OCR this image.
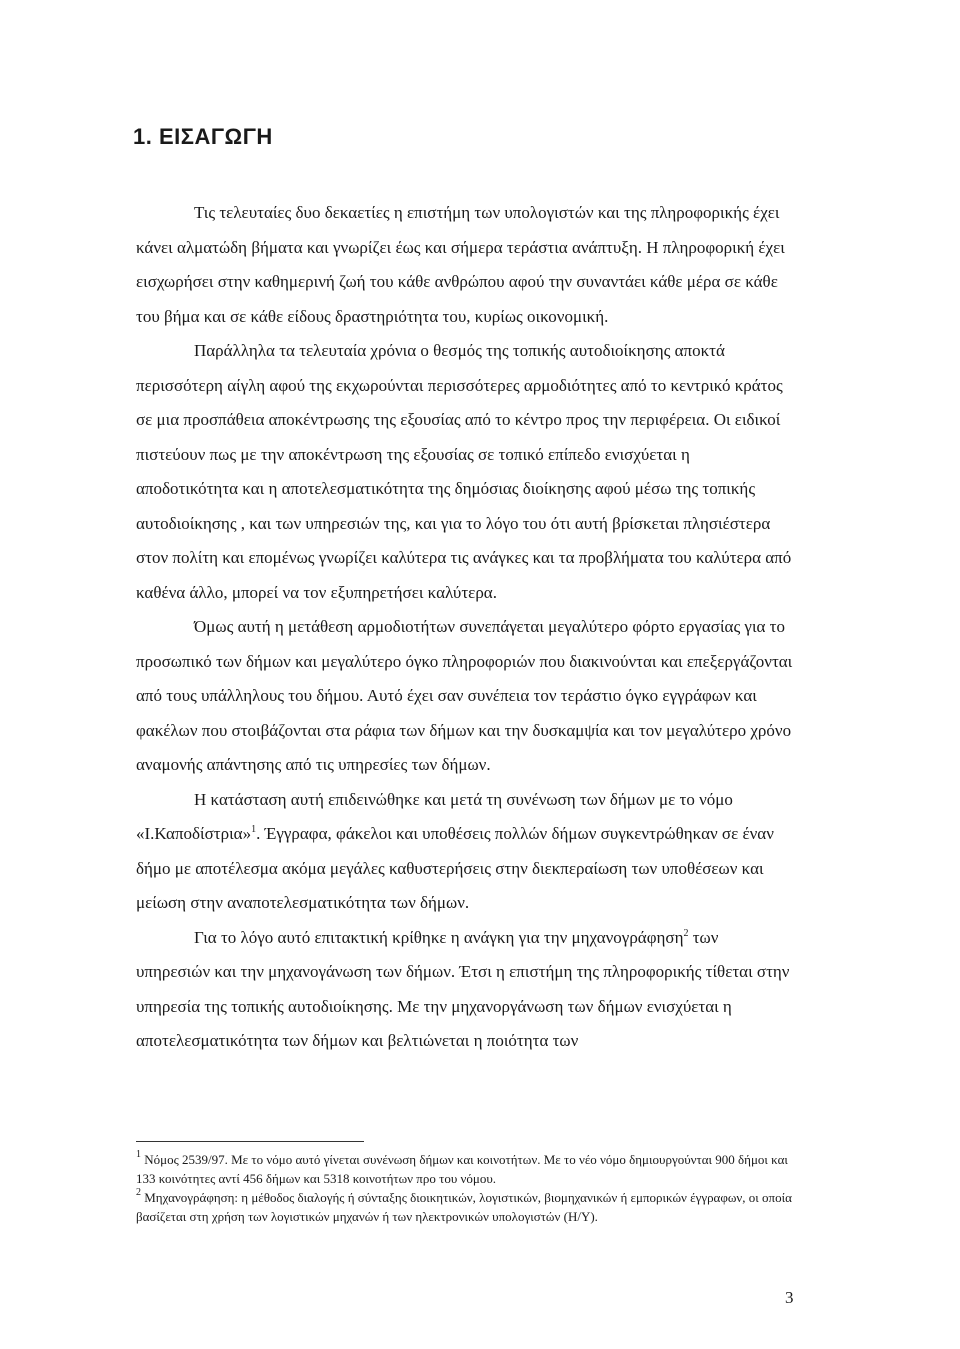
1. ΕΙΣΑΓΩΓΗ

Τις τελευταίες δυο δεκαετίες η επιστήμη των υπολογιστών και της πληροφορικής έχει κάνει αλματώδη βήματα και γνωρίζει έως και σήμερα τεράστια ανάπτυξη. Η πληροφορική έχει εισχωρήσει στην καθημερινή ζωή του κάθε ανθρώπου αφού την συναντάει κάθε μέρα σε κάθε του βήμα και σε κάθε είδους δραστηριότητα του, κυρίως οικονομική.

Παράλληλα τα τελευταία χρόνια ο θεσμός της τοπικής αυτοδιοίκησης αποκτά περισσότερη αίγλη αφού της εκχωρούνται περισσότερες αρμοδιότητες από το κεντρικό κράτος σε μια προσπάθεια αποκέντρωσης της εξουσίας από το κέντρο προς την περιφέρεια. Οι ειδικοί πιστεύουν πως με την αποκέντρωση της εξουσίας σε τοπικό επίπεδο ενισχύεται η αποδοτικότητα και η αποτελεσματικότητα της δημόσιας διοίκησης αφού μέσω της τοπικής αυτοδιοίκησης , και των υπηρεσιών της, και για το λόγο του ότι αυτή βρίσκεται πλησιέστερα στον πολίτη και επομένως γνωρίζει καλύτερα τις ανάγκες και τα προβλήματα του καλύτερα από καθένα άλλο, μπορεί να τον εξυπηρετήσει καλύτερα.

Όμως αυτή η μετάθεση αρμοδιοτήτων συνεπάγεται μεγαλύτερο φόρτο εργασίας για το προσωπικό των δήμων και μεγαλύτερο όγκο πληροφοριών που διακινούνται και επεξεργάζονται από τους υπάλληλους του δήμου. Αυτό έχει σαν συνέπεια τον τεράστιο όγκο εγγράφων και φακέλων που στοιβάζονται στα ράφια των δήμων και την δυσκαμψία και τον μεγαλύτερο χρόνο αναμονής απάντησης από τις υπηρεσίες των δήμων.

Η κατάσταση αυτή επιδεινώθηκε και μετά τη συνένωση των δήμων με το νόμο «Ι.Καποδίστρια»$^1$. Έγγραφα, φάκελοι και υποθέσεις πολλών δήμων συγκεντρώθηκαν σε έναν δήμο με αποτέλεσμα ακόμα μεγάλες καθυστερήσεις στην διεκπεραίωση των υποθέσεων και μείωση στην αναποτελεσματικότητα των δήμων.

Για το λόγο αυτό επιτακτική κρίθηκε η ανάγκη για την μηχανογράφηση$^2$ των υπηρεσιών και την μηχανογάνωση των δήμων. Έτσι η επιστήμη της πληροφορικής τίθεται στην υπηρεσία της τοπικής αυτοδιοίκησης. Με την μηχανοργάνωση των δήμων ενισχύεται η αποτελεσματικότητα των δήμων και βελτιώνεται η ποιότητα των

$^1$ Νόμος 2539/97. Με το νόμο αυτό γίνεται συνένωση δήμων και κοινοτήτων. Με το νέο νόμο δημιουργούνται 900 δήμοι και 133 κοινότητες αντί 456 δήμων και 5318 κοινοτήτων προ του νόμου.

$^2$ Μηχανογράφηση: η μέθοδος διαλογής ή σύνταξης διοικητικών, λογιστικών, βιομηχανικών ή εμπορικών έγγραφων, οι οποία βασίζεται στη χρήση των λογιστικών μηχανών ή των ηλεκτρονικών υπολογιστών (Η/Υ).

3
